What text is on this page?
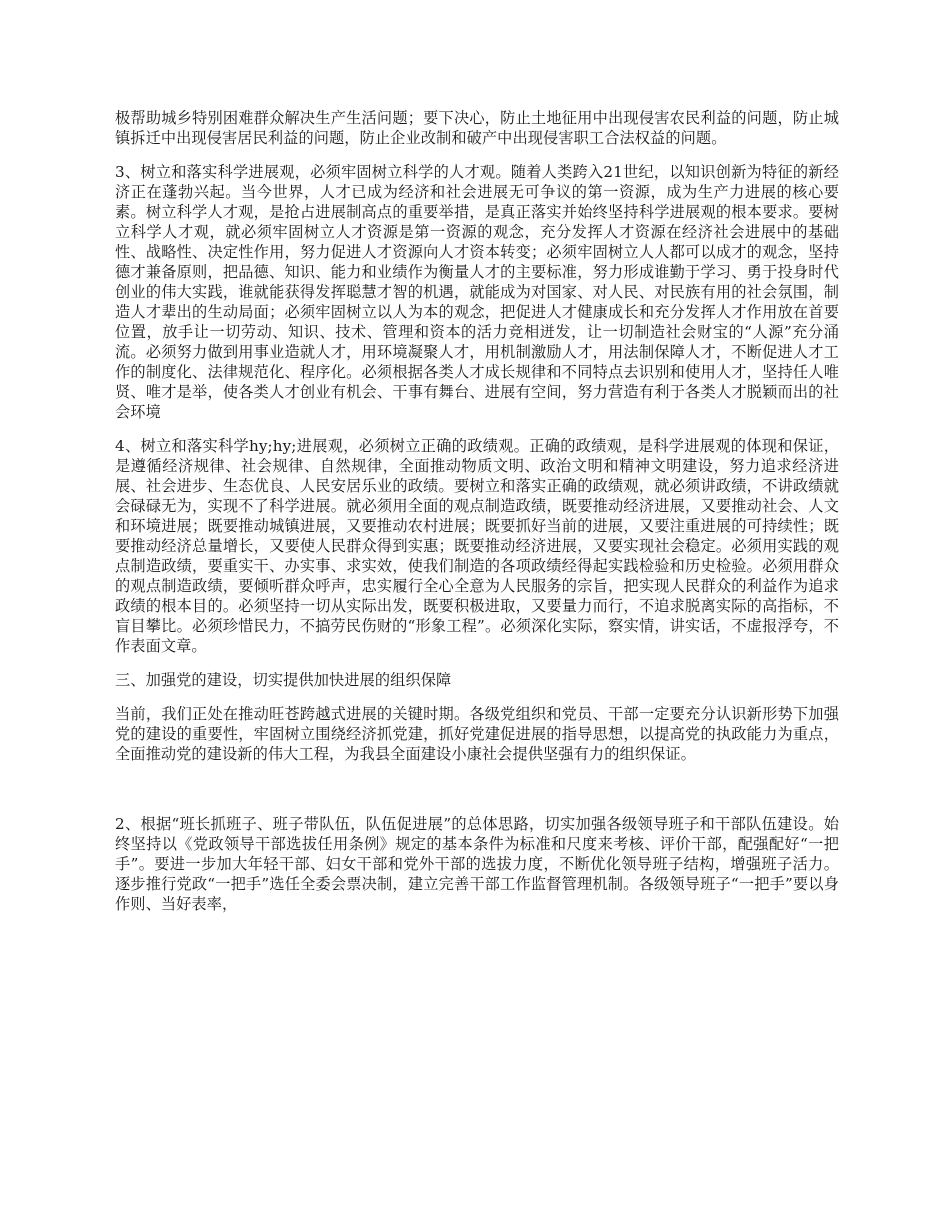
极帮助城乡特别困难群众解决生产生活问题；要下决心，防止土地征用中出现侵害农民利益的问题，防止城镇拆迁中出现侵害居民利益的问题，防止企业改制和破产中出现侵害职工合法权益的问题。

3、树立和落实科学进展观，必须牢固树立科学的人才观。随着人类跨入21世纪，以知识创新为特征的新经济正在蓬勃兴起。当今世界，人才已成为经济和社会进展无可争议的第一资源，成为生产力进展的核心要素。树立科学人才观，是抢占进展制高点的重要举措，是真正落实并始终坚持科学进展观的根本要求。要树立科学人才观，就必须牢固树立人才资源是第一资源的观念，充分发挥人才资源在经济社会进展中的基础性、战略性、决定性作用，努力促进人才资源向人才资本转变；必须牢固树立人人都可以成才的观念，坚持德才兼备原则，把品德、知识、能力和业绩作为衡量人才的主要标准，努力形成谁勤于学习、勇于投身时代创业的伟大实践，谁就能获得发挥聪慧才智的机遇，就能成为对国家、对人民、对民族有用的社会氛围，制造人才辈出的生动局面；必须牢固树立以人为本的观念，把促进人才健康成长和充分发挥人才作用放在首要位置，放手让一切劳动、知识、技术、管理和资本的活力竞相迸发，让一切制造社会财宝的“人源”充分涌流。必须努力做到用事业造就人才，用环境凝聚人才，用机制激励人才，用法制保障人才，不断促进人才工作的制度化、法律规范化、程序化。必须根据各类人才成长规律和不同特点去识别和使用人才，坚持任人唯贤、唯才是举，使各类人才创业有机会、干事有舞台、进展有空间，努力营造有利于各类人才脱颖而出的社会环境

4、树立和落实科学hy;hy;进展观，必须树立正确的政绩观。正确的政绩观，是科学进展观的体现和保证，是遵循经济规律、社会规律、自然规律，全面推动物质文明、政治文明和精神文明建设，努力追求经济进展、社会进步、生态优良、人民安居乐业的政绩。要树立和落实正确的政绩观，就必须讲政绩，不讲政绩就会碌碌无为，实现不了科学进展。就必须用全面的观点制造政绩，既要推动经济进展，又要推动社会、人文和环境进展；既要推动城镇进展，又要推动农村进展；既要抓好当前的进展，又要注重进展的可持续性；既要推动经济总量增长，又要使人民群众得到实惠；既要推动经济进展，又要实现社会稳定。必须用实践的观点制造政绩，要重实干、办实事、求实效，使我们制造的各项政绩经得起实践检验和历史检验。必须用群众的观点制造政绩，要倾听群众呼声，忠实履行全心全意为人民服务的宗旨，把实现人民群众的利益作为追求政绩的根本目的。必须坚持一切从实际出发，既要积极进取，又要量力而行，不追求脱离实际的高指标，不盲目攀比。必须珍惜民力，不搞劳民伤财的“形象工程”。必须深化实际，察实情，讲实话，不虚报浮夸，不作表面文章。

三、加强党的建设，切实提供加快进展的组织保障

当前，我们正处在推动旺苍跨越式进展的关键时期。各级党组织和党员、干部一定要充分认识新形势下加强党的建设的重要性，牢固树立围绕经济抓党建，抓好党建促进展的指导思想，以提高党的执政能力为重点，全面推动党的建设新的伟大工程，为我县全面建设小康社会提供坚强有力的组织保证。

2、根据“班长抓班子、班子带队伍，队伍促进展”的总体思路，切实加强各级领导班子和干部队伍建设。始终坚持以《党政领导干部选拔任用条例》规定的基本条件为标准和尺度来考核、评价干部，配强配好“一把手”。要进一步加大年轻干部、妇女干部和党外干部的选拔力度，不断优化领导班子结构，增强班子活力。逐步推行党政“一把手”选任全委会票决制，建立完善干部工作监督管理机制。各级领导班子“一把手”要以身作则、当好表率，
